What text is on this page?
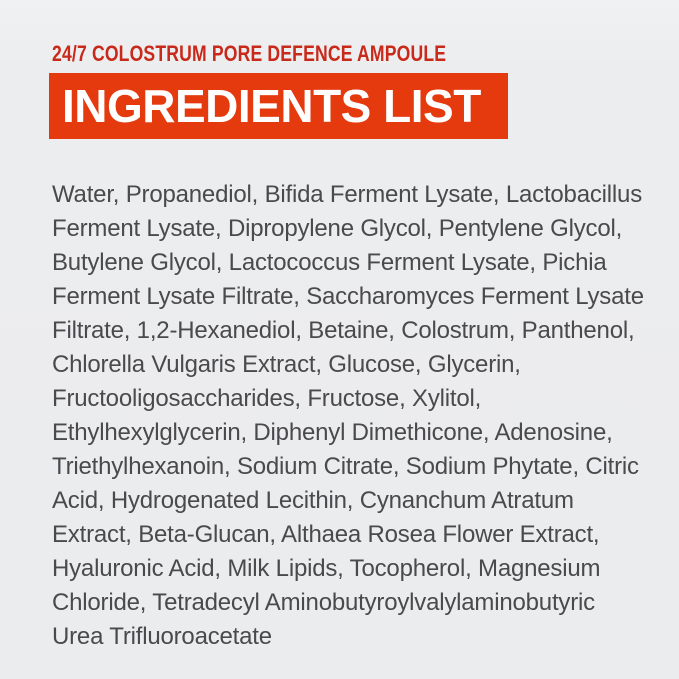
24/7 COLOSTRUM PORE DEFENCE AMPOULE
INGREDIENTS LIST
Water, Propanediol, Bifida Ferment Lysate, Lactobacillus
Ferment Lysate, Dipropylene Glycol, Pentylene Glycol,
Butylene Glycol, Lactococcus Ferment Lysate, Pichia
Ferment Lysate Filtrate, Saccharomyces Ferment Lysate
Filtrate, 1,2-Hexanediol, Betaine, Colostrum, Panthenol,
Chlorella Vulgaris Extract, Glucose, Glycerin,
Fructooligosaccharides, Fructose, Xylitol,
Ethylhexylglycerin, Diphenyl Dimethicone, Adenosine,
Triethylhexanoin, Sodium Citrate, Sodium Phytate, Citric
Acid, Hydrogenated Lecithin, Cynanchum Atratum
Extract, Beta-Glucan, Althaea Rosea Flower Extract,
Hyaluronic Acid, Milk Lipids, Tocopherol, Magnesium
Chloride, Tetradecyl Aminobutyroylvalylaminobutyric
Urea Trifluoroacetate
